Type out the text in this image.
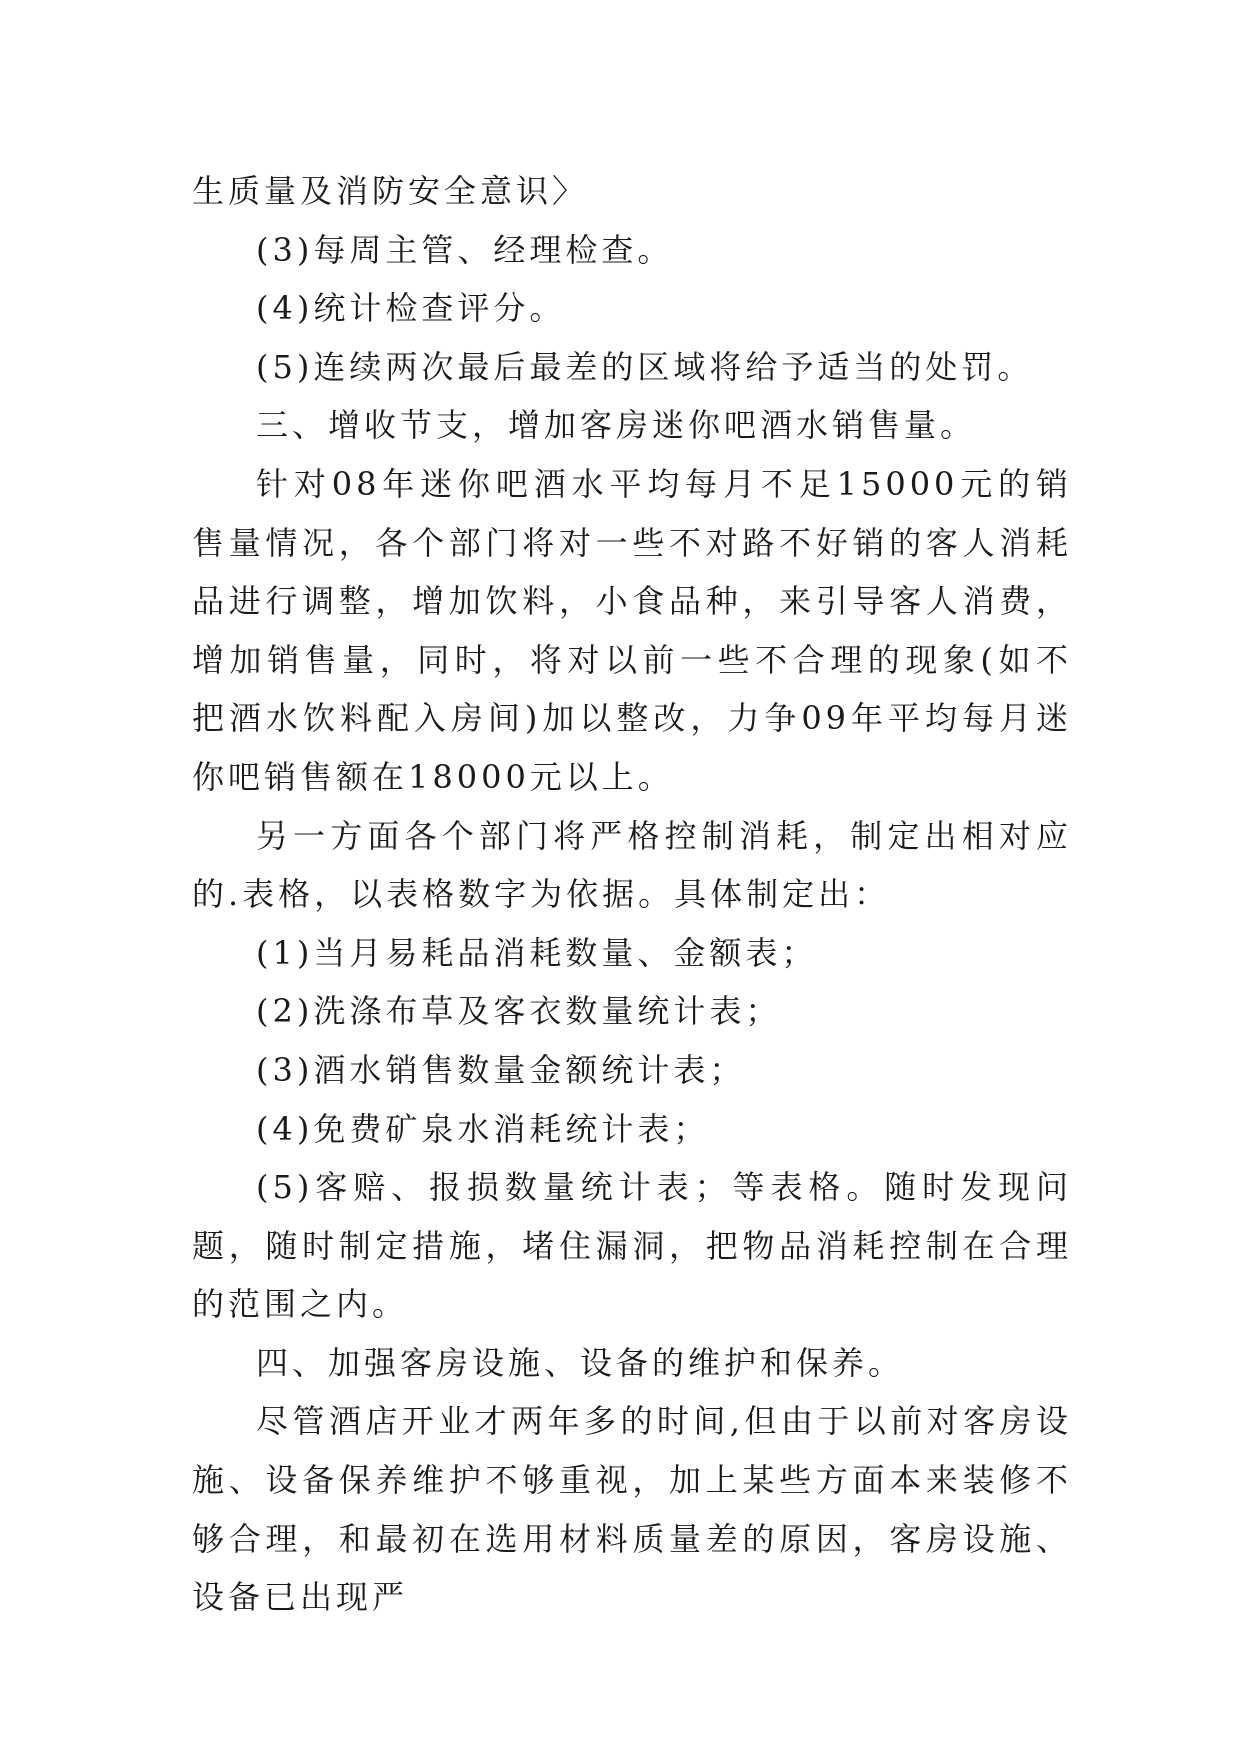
生质量及消防安全意识〉

(3)每周主管、经理检查。

(4)统计检查评分。

(5)连续两次最后最差的区域将给予适当的处罚。

三、增收节支，增加客房迷你吧酒水销售量。

针对08年迷你吧酒水平均每月不足15000元的销售量情况，各个部门将对一些不对路不好销的客人消耗品进行调整，增加饮料，小食品种，来引导客人消费，增加销售量，同时，将对以前一些不合理的现象(如不把酒水饮料配入房间)加以整改，力争09年平均每月迷你吧销售额在18000元以上。

另一方面各个部门将严格控制消耗，制定出相对应的.表格，以表格数字为依据。具体制定出：

(1)当月易耗品消耗数量、金额表；

(2)洗涤布草及客衣数量统计表；

(3)酒水销售数量金额统计表；

(4)免费矿泉水消耗统计表；

(5)客赔、报损数量统计表；等表格。随时发现问题，随时制定措施，堵住漏洞，把物品消耗控制在合理的范围之内。

四、加强客房设施、设备的维护和保养。

尽管酒店开业才两年多的时间,但由于以前对客房设施、设备保养维护不够重视，加上某些方面本来装修不够合理，和最初在选用材料质量差的原因，客房设施、设备已出现严
